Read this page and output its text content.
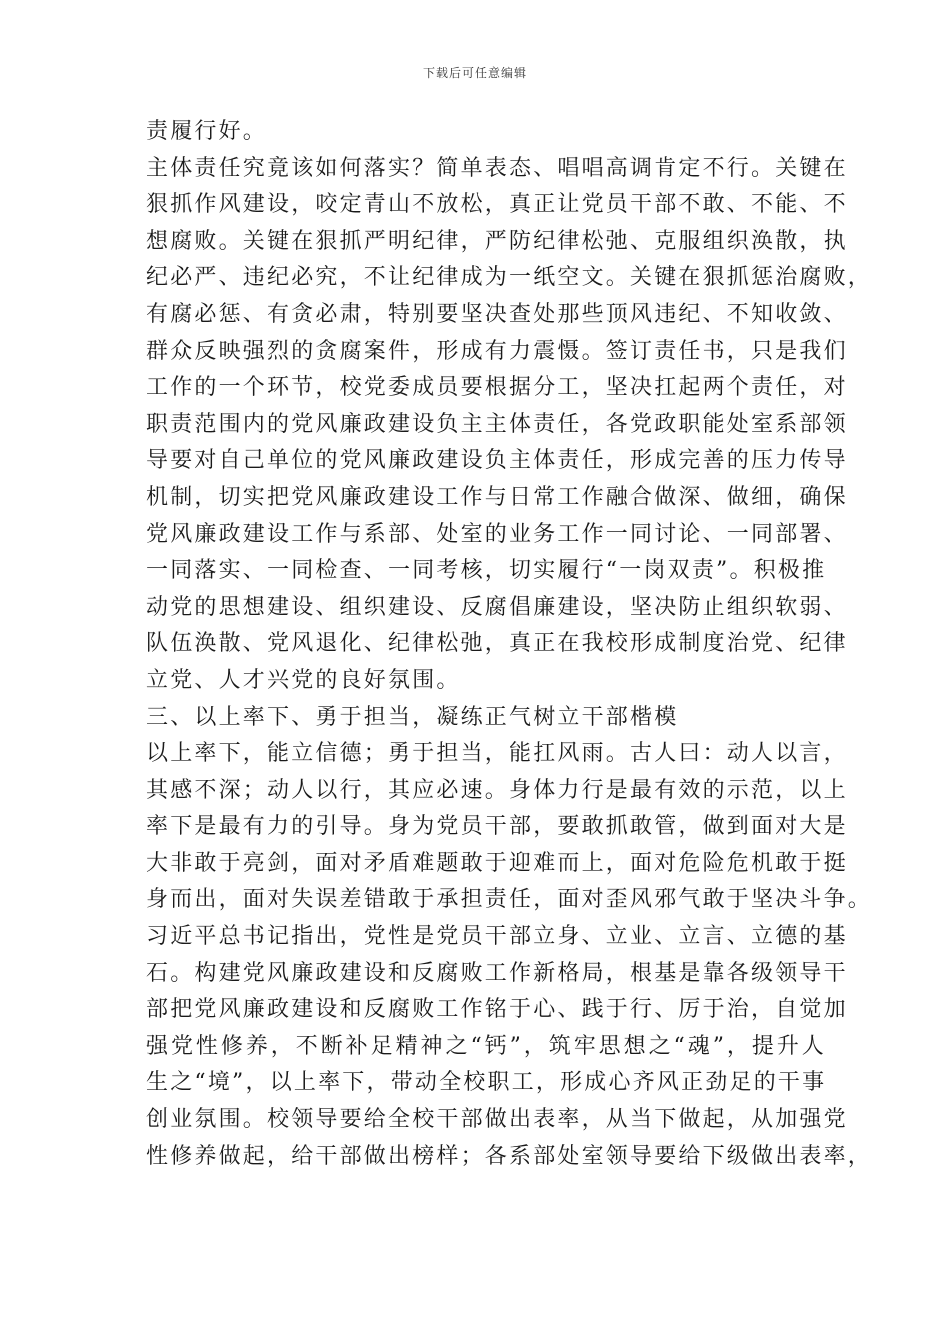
下载后可任意编辑
责履行好。
主体责任究竟该如何落实？简单表态、唱唱高调肯定不行。关键在
狠抓作风建设，咬定青山不放松，真正让党员干部不敢、不能、不
想腐败。关键在狠抓严明纪律，严防纪律松弛、克服组织涣散，执
纪必严、违纪必究，不让纪律成为一纸空文。关键在狠抓惩治腐败，
有腐必惩、有贪必肃，特别要坚决查处那些顶风违纪、不知收敛、
群众反映强烈的贪腐案件，形成有力震慑。签订责任书，只是我们
工作的一个环节，校党委成员要根据分工，坚决扛起两个责任，对
职责范围内的党风廉政建设负主主体责任，各党政职能处室系部领
导要对自己单位的党风廉政建设负主体责任，形成完善的压力传导
机制，切实把党风廉政建设工作与日常工作融合做深、做细，确保
党风廉政建设工作与系部、处室的业务工作一同讨论、一同部署、
一同落实、一同检查、一同考核，切实履行“一岗双责”。积极推
动党的思想建设、组织建设、反腐倡廉建设，坚决防止组织软弱、
队伍涣散、党风退化、纪律松弛，真正在我校形成制度治党、纪律
立党、人才兴党的良好氛围。
三、以上率下、勇于担当，凝练正气树立干部楷模
以上率下，能立信德；勇于担当，能扛风雨。古人曰：动人以言，
其感不深；动人以行，其应必速。身体力行是最有效的示范，以上
率下是最有力的引导。身为党员干部，要敢抓敢管，做到面对大是
大非敢于亮剑，面对矛盾难题敢于迎难而上，面对危险危机敢于挺
身而出，面对失误差错敢于承担责任，面对歪风邪气敢于坚决斗争。
习近平总书记指出，党性是党员干部立身、立业、立言、立德的基
石。构建党风廉政建设和反腐败工作新格局，根基是靠各级领导干
部把党风廉政建设和反腐败工作铭于心、践于行、厉于治，自觉加
强党性修养，不断补足精神之“钙”，筑牢思想之“魂”，提升人
生之“境”，以上率下，带动全校职工，形成心齐风正劲足的干事
创业氛围。校领导要给全校干部做出表率，从当下做起，从加强党
性修养做起，给干部做出榜样；各系部处室领导要给下级做出表率，
